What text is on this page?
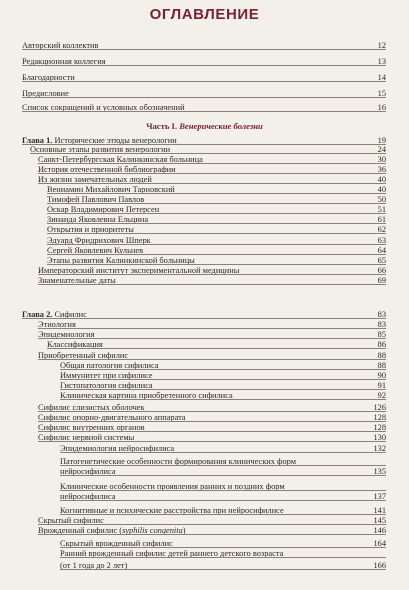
ОГЛАВЛЕНИЕ
Часть I. Венерические болезни
Авторский коллектив	12
Редакционная коллегия	13
Благодарности	14
Предисловие	15
Список сокращений и условных обозначений	16
Глава 1. Исторические этюды венерологии	19
Основные этапы развития венерологии	24
Санкт-Петербургская Калинкинская больница	30
История отечественной библиографии	36
Из жизни замечательных людей	40
Вениамин Михайлович Тарновский	40
Тимофей Павлович Павлов	50
Оскар Владимирович Петерсен	51
Зинаида Яковлевна Ельцина	61
Открытия и приоритеты	62
Эдуард Фридрихович Шперк	63
Сергей Яковлевич Кульнев	64
Этапы развития Калинкинской больницы	65
Императорский институт экспериментальной медицины	66
Знаменательные даты	69
Глава 2. Сифилис	83
Этиология	83
Эпидемиология	85
Классификация	86
Приобретенный сифилис	88
Общая патология сифилиса	88
Иммунитет при сифилисе	90
Гистопатология сифилиса	91
Клиническая картина приобретенного сифилиса	92
Сифилис слизистых оболочек	126
Сифилис опорно-двигательного аппарата	128
Сифилис внутренних органов	128
Сифилис нервной системы	130
Эпидемиология нейросифилиса	132
Патогенетические особенности формирования клинических форм
нейросифилиса	135
Клинические особенности проявления ранних и поздних форм
нейросифилиса	137
Когнитивные и психические расстройства при нейросифилисе	141
Скрытый сифилис	145
Врожденный сифилис (syphilis congenita)	146
Скрытый врожденный сифилис	164
Ранний врожденный сифилис детей раннего детского возраста
(от 1 года до 2 лет)	166
